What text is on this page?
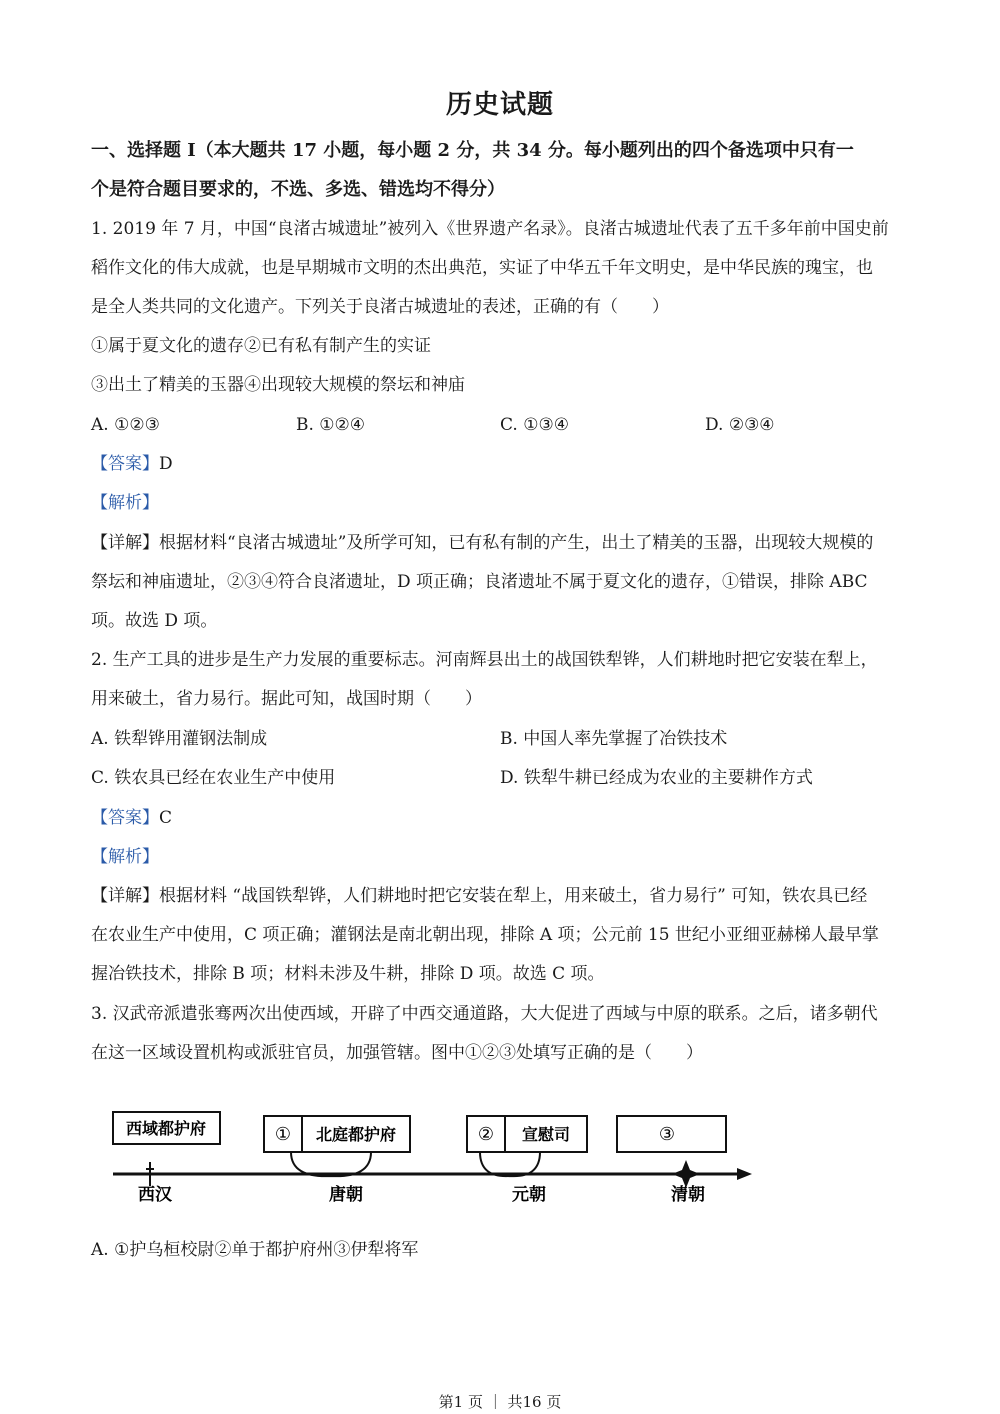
历史试题
一、选择题 I（本大题共 17 小题，每小题 2 分，共 34 分。每小题列出的四个备选项中只有一
个是符合题目要求的，不选、多选、错选均不得分）
1. 2019 年 7 月，中国“良渚古城遗址”被列入《世界遗产名录》。良渚古城遗址代表了五千多年前中国史前
稻作文化的伟大成就，也是早期城市文明的杰出典范，实证了中华五千年文明史，是中华民族的瑰宝，也
是全人类共同的文化遗产。下列关于良渚古城遗址的表述，正确的有（　　）
①属于夏文化的遗存②已有私有制产生的实证
③出土了精美的玉器④出现较大规模的祭坛和神庙
A. ①②③	B. ①②④	C. ①③④	D. ②③④
【答案】D
【解析】
【详解】根据材料“良渚古城遗址”及所学可知，已有私有制的产生，出土了精美的玉器，出现较大规模的
祭坛和神庙遗址，②③④符合良渚遗址，D 项正确；良渚遗址不属于夏文化的遗存，①错误，排除 ABC
项。故选 D 项。
2. 生产工具的进步是生产力发展的重要标志。河南辉县出土的战国铁犁铧，人们耕地时把它安装在犁上，
用来破土，省力易行。据此可知，战国时期（　　）
A. 铁犁铧用灌钢法制成	B. 中国人率先掌握了冶铁技术
C. 铁农具已经在农业生产中使用	D. 铁犁牛耕已经成为农业的主要耕作方式
【答案】C
【解析】
【详解】根据材料 “战国铁犁铧，人们耕地时把它安装在犁上，用来破土，省力易行” 可知，铁农具已经
在农业生产中使用，C 项正确；灌钢法是南北朝出现，排除 A 项；公元前 15 世纪小亚细亚赫梯人最早掌
握冶铁技术，排除 B 项；材料未涉及牛耕，排除 D 项。故选 C 项。
3. 汉武帝派遣张骞两次出使西域，开辟了中西交通道路，大大促进了西域与中原的联系。之后，诸多朝代
在这一区域设置机构或派驻官员，加强管辖。图中①②③处填写正确的是（　　）
西域都护府	① 北庭都护府	② 宣慰司	③
西汉	唐朝	元朝	清朝
A. ①护乌桓校尉②单于都护府州③伊犁将军
第1 页 ｜ 共16 页
